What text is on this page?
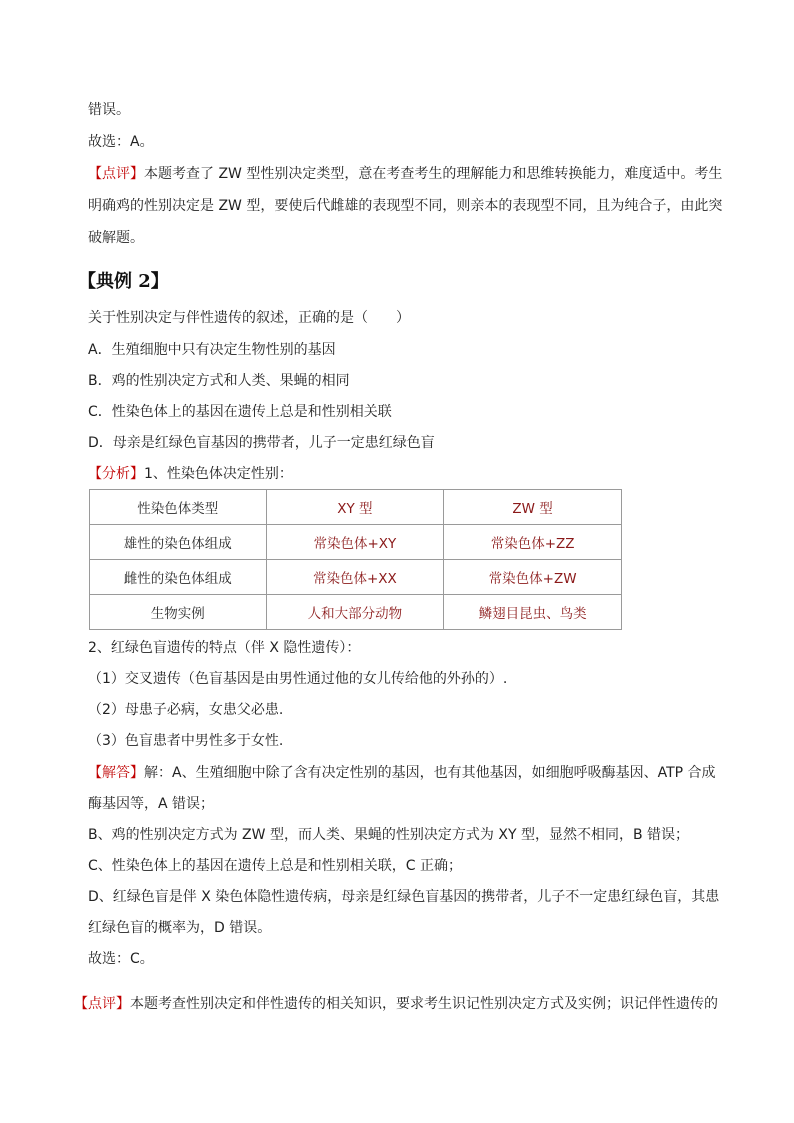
错误。
故选：A。
【点评】本题考查了 ZW 型性别决定类型，意在考查考生的理解能力和思维转换能力，难度适中。考生
明确鸡的性别决定是 ZW 型，要使后代雌雄的表现型不同，则亲本的表现型不同，且为纯合子，由此突
破解题。
【典例 2】
关于性别决定与伴性遗传的叙述，正确的是（　　）
A．生殖细胞中只有决定生物性别的基因
B．鸡的性别决定方式和人类、果蝇的相同
C．性染色体上的基因在遗传上总是和性别相关联
D．母亲是红绿色盲基因的携带者，儿子一定患红绿色盲
【分析】1、性染色体决定性别：
性染色体类型	XY 型	ZW 型
雄性的染色体组成	常染色体+XY	常染色体+ZZ
雌性的染色体组成	常染色体+XX	常染色体+ZW
生物实例	人和大部分动物	鳞翅目昆虫、鸟类
2、红绿色盲遗传的特点（伴 X 隐性遗传）：
（1）交叉遗传（色盲基因是由男性通过他的女儿传给他的外孙的）.
（2）母患子必病，女患父必患.
（3）色盲患者中男性多于女性.
【解答】解：A、生殖细胞中除了含有决定性别的基因，也有其他基因，如细胞呼吸酶基因、ATP 合成
酶基因等，A 错误；
B、鸡的性别决定方式为 ZW 型，而人类、果蝇的性别决定方式为 XY 型，显然不相同，B 错误；
C、性染色体上的基因在遗传上总是和性别相关联，C 正确；
D、红绿色盲是伴 X 染色体隐性遗传病，母亲是红绿色盲基因的携带者，儿子不一定患红绿色盲，其患
红绿色盲的概率为，D 错误。
故选：C。
【点评】本题考查性别决定和伴性遗传的相关知识，要求考生识记性别决定方式及实例；识记伴性遗传的
